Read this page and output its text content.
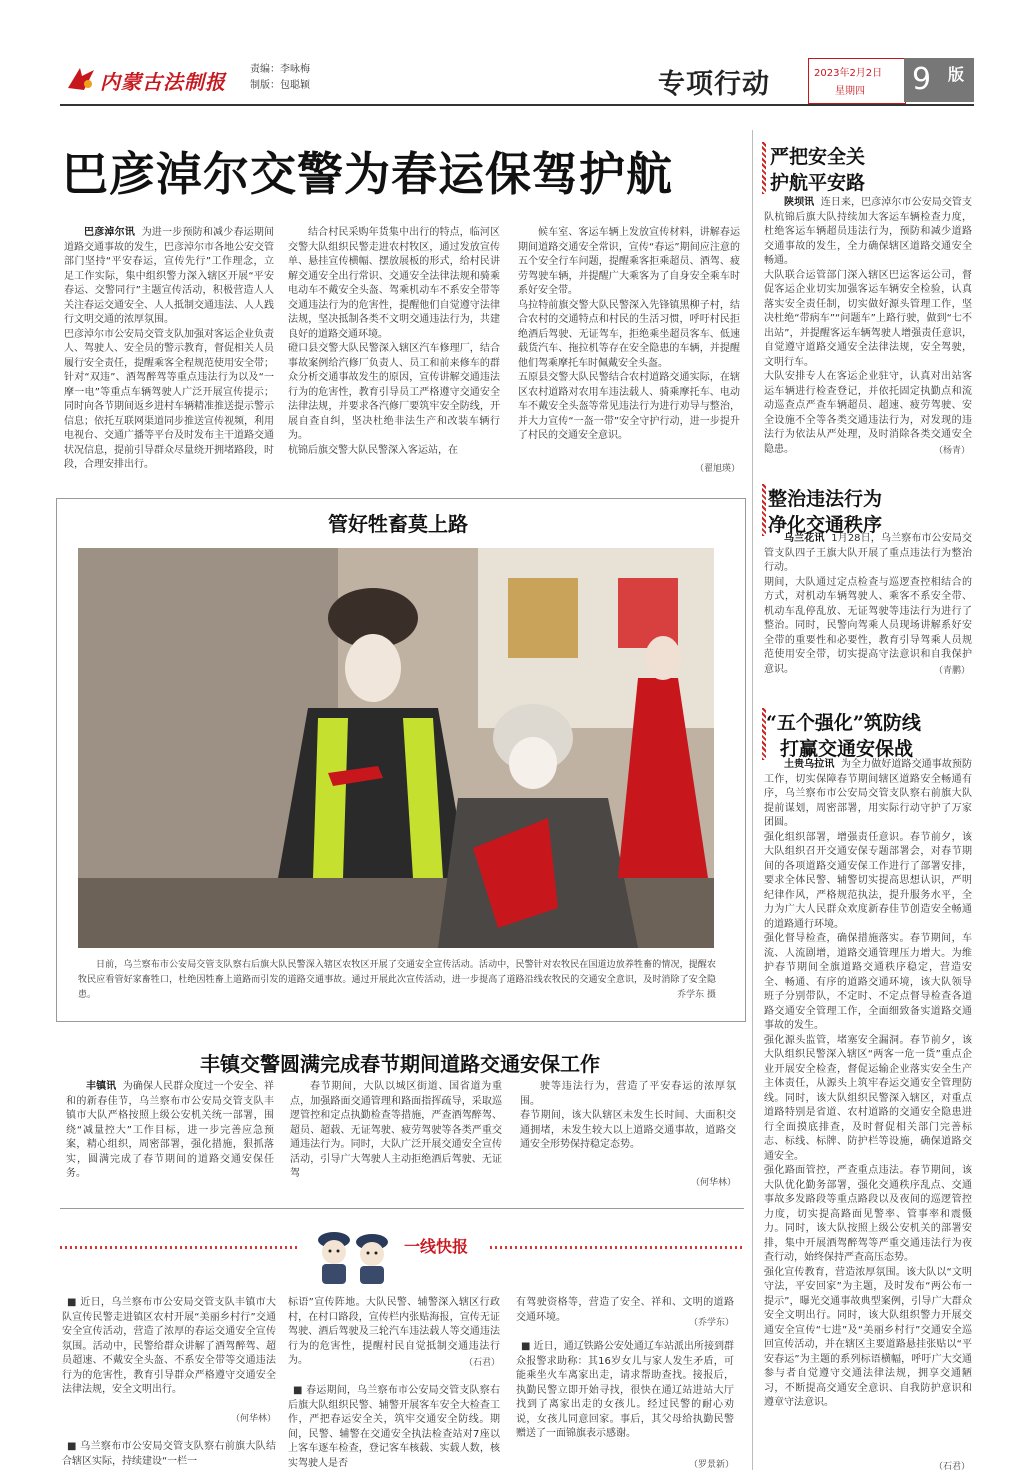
内蒙古法制报
责编：李咏梅
制版：包聪颖	专项行动	2023年2月2日
星期四 9 版
巴彦淖尔交警为春运保驾护航
巴彦淖尔讯 为进一步预防和减少春运期间道路交通事故的发生，巴彦淖尔市各地公安交管部门坚持“平安春运，宣传先行”工作理念，立足工作实际，集中组织警力深入辖区开展“平安春运、交警同行”主题宣传活动，积极营造人人关注春运交通安全、人人抵制交通违法、人人践行文明交通的浓厚氛围。
巴彦淖尔市公安局交管支队加强对客运企业负责人、驾驶人、安全员的警示教育，督促相关人员履行安全责任，提醒乘客全程规范使用安全带；针对“双违”、酒驾醉驾等重点违法行为以及“一摩一电”等重点车辆驾驶人广泛开展宣传提示；同时向各节期间返乡进村车辆精准推送提示警示信息；依托互联网渠道同步推送宣传视频，利用电视台、交通广播等平台及时发布主干道路交通状况信息，提前引导群众尽量绕开拥堵路段，时段，合理安排出行。
结合村民采购年货集中出行的特点，临河区交警大队组织民警走进农村牧区，通过发放宣传单、悬挂宣传横幅、摆放展板的形式，给村民讲解交通安全出行常识、交通安全法律法规和骑乘电动车不戴安全头盔、驾乘机动车不系安全带等交通违法行为的危害性，提醒他们自觉遵守法律法规，坚决抵制各类不文明交通违法行为，共建良好的道路交通环境。
磴口县交警大队民警深入辖区汽车修理厂，结合事故案例给汽修厂负责人、员工和前来修车的群众分析交通事故发生的原因，宣传讲解交通违法行为的危害性，教育引导员工严格遵守交通安全法律法规，并要求各汽修厂要筑牢安全防线，开展自查自纠，坚决杜绝非法生产和改装车辆行为。
杭锦后旗交警大队民警深入客运站，在
候车室、客运车辆上发放宣传材料，讲解春运期间道路交通安全常识，宣传“春运”期间应注意的五个安全行车问题，提醒乘客拒乘超员、酒驾、疲劳驾驶车辆，并提醒广大乘客为了自身安全乘车时系好安全带。
乌拉特前旗交警大队民警深入先锋镇黑柳子村，结合农村的交通特点和村民的生活习惯，呼吁村民拒绝酒后驾驶、无证驾车，拒绝乘坐超员客车、低速载货汽车、拖拉机等存在安全隐患的车辆，并提醒他们驾乘摩托车时佩戴安全头盔。
五原县交警大队民警结合农村道路交通实际，在辖区农村道路对农用车违法载人、骑乘摩托车、电动车不戴安全头盔等常见违法行为进行劝导与整治，并大力宣传“一盔一带”安全守护行动，进一步提升了村民的交通安全意识。
（翟旭瑛）
管好牲畜莫上路
日前，乌兰察布市公安局交管支队察右后旗大队民警深入辖区农牧区开展了交通安全宣传活动。活动中，民警针对农牧民在国道边放养牲畜的情况，提醒农牧民应看管好家畜牲口，杜绝因牲畜上道路而引发的道路交通事故。通过开展此次宣传活动，进一步提高了道路沿线农牧民的交通安全意识，及时消除了安全隐患。	乔学东 摄
丰镇交警圆满完成春节期间道路交通安保工作
丰镇讯 为确保人民群众度过一个安全、祥和的新春佳节，乌兰察布市公安局交管支队丰镇市大队严格按照上级公安机关统一部署，围绕“减量控大”工作目标，进一步完善应急预案，精心组织，周密部署，强化措施，狠抓落实，圆满完成了春节期间的道路交通安保任务。
春节期间，大队以城区街道、国省道为重点，加强路面交通管理和路面指挥疏导，采取巡逻管控和定点执勤检查等措施，严查酒驾醉驾、超员、超载、无证驾驶、疲劳驾驶等各类严重交通违法行为。同时，大队广泛开展交通安全宣传活动，引导广大驾驶人主动拒绝酒后驾驶、无证驾
驶等违法行为，营造了平安春运的浓厚氛围。
春节期间，该大队辖区未发生长时间、大面积交通拥堵，未发生较大以上道路交通事故，道路交通安全形势保持稳定态势。
（何华林）
一线快报
■ 近日，乌兰察布市公安局交管支队丰镇市大队宣传民警走进镇区农村开展“美丽乡村行”交通安全宣传活动，营造了浓厚的春运交通安全宣传氛围。活动中，民警给群众讲解了酒驾醉驾、超员超速、不戴安全头盔、不系安全带等交通违法行为的危害性，教育引导群众严格遵守交通安全法律法规，安全文明出行。
（何华林）
■ 乌兰察布市公安局交管支队察右前旗大队结合辖区实际，持续建设“一栏一
标语”宣传阵地。大队民警、辅警深入辖区行政村，在村口路段，宣传栏内张贴海报，宣传无证驾驶、酒后驾驶及三轮汽车违法载人等交通违法行为的危害性，提醒村民自觉抵制交通违法行为。	（石君）
■ 春运期间，乌兰察布市公安局交管支队察右后旗大队组织民警、辅警开展客车安全大检查工作，严把春运安全关，筑牢交通安全防线。期间，民警、辅警在交通安全执法检查站对7座以上客车逐车检查，登记客车核载、实载人数，核实驾驶人是否
有驾驶资格等，营造了安全、祥和、文明的道路交通环境。
（乔学东）
■ 近日，通辽铁路公安处通辽车站派出所接到群众报警求助称：其16岁女儿与家人发生矛盾，可能乘坐火车离家出走，请求帮助查找。接报后，执勤民警立即开始寻找，很快在通辽站进站大厅找到了离家出走的女孩儿。经过民警的耐心劝说，女孩儿同意回家。事后，其父母给执勤民警赠送了一面锦旗表示感谢。
（罗景新）
严把安全关
护航平安路
陕坝讯 连日来，巴彦淖尔市公安局交管支队杭锦后旗大队持续加大客运车辆检查力度，杜绝客运车辆超员违法行为，预防和减少道路交通事故的发生，全力确保辖区道路交通安全畅通。
大队联合运管部门深入辖区巴运客运公司，督促客运企业切实加强客运车辆安全检验，认真落实安全责任制，切实做好源头管理工作，坚决杜绝“带病车”“问题车”上路行驶，做到“七不出站”，并提醒客运车辆驾驶人增强责任意识，自觉遵守道路交通安全法律法规，安全驾驶，文明行车。
大队安排专人在客运企业驻守，认真对出站客运车辆进行检查登记，并依托固定执勤点和流动巡查点严查车辆超员、超速、疲劳驾驶、安全设施不全等各类交通违法行为，对发现的违法行为依法从严处理，及时消除各类交通安全隐患。	（杨青）
整治违法行为
净化交通秩序
乌兰花讯 1月28日，乌兰察布市公安局交管支队四子王旗大队开展了重点违法行为整治行动。
期间，大队通过定点检查与巡逻查控相结合的方式，对机动车辆驾驶人、乘客不系安全带、机动车乱停乱放、无证驾驶等违法行为进行了整治。同时，民警向驾乘人员现场讲解系好安全带的重要性和必要性，教育引导驾乘人员规范使用安全带，切实提高守法意识和自我保护意识。	（青鹏）
“五个强化”筑防线
打赢交通安保战
土贵乌拉讯 为全力做好道路交通事故预防工作，切实保障春节期间辖区道路安全畅通有序，乌兰察布市公安局交管支队察右前旗大队提前谋划，周密部署，用实际行动守护了万家团圆。
强化组织部署，增强责任意识。春节前夕，该大队组织召开交通安保专题部署会，对春节期间的各项道路交通安保工作进行了部署安排，要求全体民警、辅警切实提高思想认识，严明纪律作风，严格规范执法，提升服务水平，全力为广大人民群众欢度新春佳节创造安全畅通的道路通行环境。
强化督导检查，确保措施落实。春节期间，车流、人流剧增，道路交通管理压力增大。为维护春节期间全旗道路交通秩序稳定，营造安全、畅通、有序的道路交通环境，该大队领导班子分别带队，不定时、不定点督导检查各道路交通安全管理工作，全面细致备实道路交通事故的发生。
强化源头监管，堵塞安全漏洞。春节前夕，该大队组织民警深入辖区“两客一危一货”重点企业开展安全检查，督促运输企业落实安全生产主体责任，从源头上筑牢春运交通安全管理防线。同时，该大队组织民警深入辖区，对重点道路特别是省道、农村道路的交通安全隐患进行全面摸底排查，及时督促相关部门完善标志、标线、标牌、防护栏等设施，确保道路交通安全。
强化路面管控，严查重点违法。春节期间，该大队优化勤务部署，强化交通秩序乱点、交通事故多发路段等重点路段以及夜间的巡逻管控力度，切实提高路面见警率、管事率和震慑力。同时，该大队按照上级公安机关的部署安排，集中开展酒驾醉驾等严重交通违法行为夜查行动，始终保持严查高压态势。
强化宣传教育，营造浓厚氛围。该大队以“文明守法，平安回家”为主题，及时发布“两公布一提示”，曝光交通事故典型案例，引导广大群众安全文明出行。同时，该大队组织警力开展交通安全宣传“七进”及“美丽乡村行”交通安全巡回宣传活动，并在辖区主要道路悬挂张贴以“平安春运”为主题的系列标语横幅，呼吁广大交通参与者自觉遵守交通法律法规，拥享交通陋习，不断提高交通安全意识、自我防护意识和遵章守法意识。
（石君）
